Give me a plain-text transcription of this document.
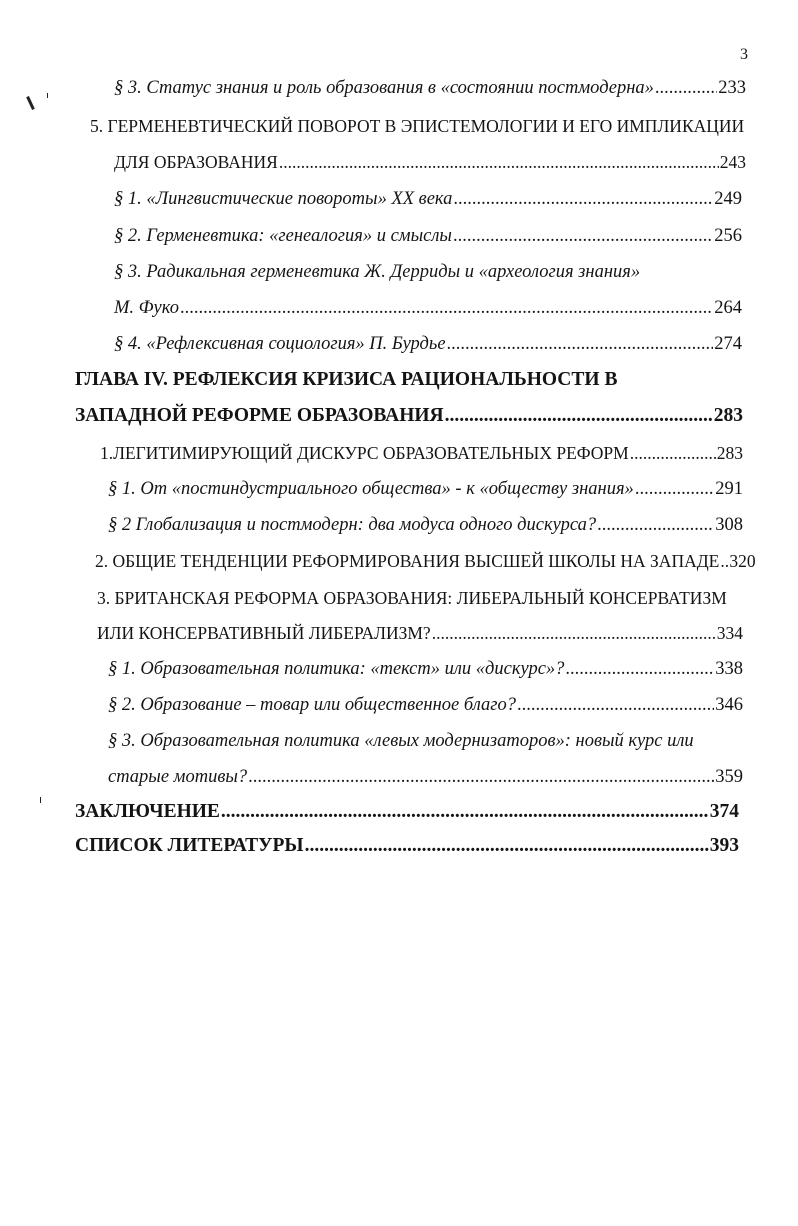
3
§ 3. Статус знания и роль образования в «состоянии постмодерна» .....	233
5. ГЕРМЕНЕВТИЧЕСКИЙ ПОВОРОТ В ЭПИСТЕМОЛОГИИ И ЕГО ИМПЛИКАЦИИ
ДЛЯ ОБРАЗОВАНИЯ .....	243
§ 1. «Лингвистические повороты» XX века .....	249
§ 2. Герменевтика: «генеалогия» и смыслы .....	256
§ 3. Радикальная герменевтика Ж. Дерриды и «археология знания»
М. Фуко .....	264
§ 4. «Рефлексивная социология» П. Бурдье .....	274
ГЛАВА IV. РЕФЛЕКСИЯ КРИЗИСА РАЦИОНАЛЬНОСТИ В
ЗАПАДНОЙ РЕФОРМЕ ОБРАЗОВАНИЯ .....	283
1.ЛЕГИТИМИРУЮЩИЙ ДИСКУРС ОБРАЗОВАТЕЛЬНЫХ РЕФОРМ .....	283
§ 1. От «постиндустриального общества» - к «обществу знания» .....	291
§ 2 Глобализация и постмодерн: два модуса одного дискурса? .....	308
2. ОБЩИЕ ТЕНДЕНЦИИ РЕФОРМИРОВАНИЯ ВЫСШЕЙ ШКОЛЫ НА ЗАПАДЕ ..... 320
3. БРИТАНСКАЯ РЕФОРМА ОБРАЗОВАНИЯ: ЛИБЕРАЛЬНЫЙ КОНСЕРВАТИЗМ
ИЛИ КОНСЕРВАТИВНЫЙ ЛИБЕРАЛИЗМ? .....	334
§ 1. Образовательная политика: «текст» или «дискурс»? .....	338
§ 2. Образование – товар или общественное благо? .....	346
§ 3. Образовательная политика «левых модернизаторов»: новый курс или
старые мотивы? .....	359
ЗАКЛЮЧЕНИЕ .....	374
СПИСОК ЛИТЕРАТУРЫ .....	393
